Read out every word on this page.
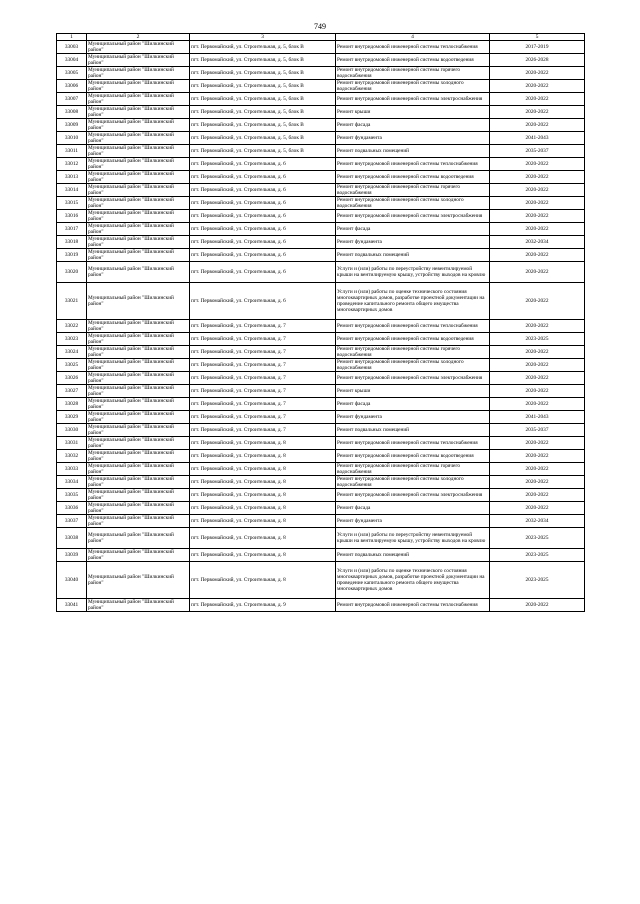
749
1	2	3	4	5
33003	Муниципальный район "Шилкинский район"	пгт. Первомайский, ул. Строительная, д. 5, блок В	Ремонт внутридомовой инженерной системы теплоснабжения	2017-2019
33004	Муниципальный район "Шилкинский район"	пгт. Первомайский, ул. Строительная, д. 5, блок В	Ремонт внутридомовой инженерной системы водоотведения	2026-2028
33005	Муниципальный район "Шилкинский район"	пгт. Первомайский, ул. Строительная, д. 5, блок В	Ремонт внутридомовой инженерной системы горячего водоснабжения	2020-2022
33006	Муниципальный район "Шилкинский район"	пгт. Первомайский, ул. Строительная, д. 5, блок В	Ремонт внутридомовой инженерной системы холодного водоснабжения	2020-2022
33007	Муниципальный район "Шилкинский район"	пгт. Первомайский, ул. Строительная, д. 5, блок В	Ремонт внутридомовой инженерной системы электроснабжения	2020-2022
33008	Муниципальный район "Шилкинский район"	пгт. Первомайский, ул. Строительная, д. 5, блок В	Ремонт крыши	2020-2022
33009	Муниципальный район "Шилкинский район"	пгт. Первомайский, ул. Строительная, д. 5, блок В	Ремонт фасада	2020-2022
33010	Муниципальный район "Шилкинский район"	пгт. Первомайский, ул. Строительная, д. 5, блок В	Ремонт фундамента	2041-2043
33011	Муниципальный район "Шилкинский район"	пгт. Первомайский, ул. Строительная, д. 5, блок В	Ремонт подвальных помещений	2035-2037
33012	Муниципальный район "Шилкинский район"	пгт. Первомайский, ул. Строительная, д. 6	Ремонт внутридомовой инженерной системы теплоснабжения	2020-2022
33013	Муниципальный район "Шилкинский район"	пгт. Первомайский, ул. Строительная, д. 6	Ремонт внутридомовой инженерной системы водоотведения	2020-2022
33014	Муниципальный район "Шилкинский район"	пгт. Первомайский, ул. Строительная, д. 6	Ремонт внутридомовой инженерной системы горячего водоснабжения	2020-2022
33015	Муниципальный район "Шилкинский район"	пгт. Первомайский, ул. Строительная, д. 6	Ремонт внутридомовой инженерной системы холодного водоснабжения	2020-2022
33016	Муниципальный район "Шилкинский район"	пгт. Первомайский, ул. Строительная, д. 6	Ремонт внутридомовой инженерной системы электроснабжения	2020-2022
33017	Муниципальный район "Шилкинский район"	пгт. Первомайский, ул. Строительная, д. 6	Ремонт фасада	2020-2022
33018	Муниципальный район "Шилкинский район"	пгт. Первомайский, ул. Строительная, д. 6	Ремонт фундамента	2032-2034
33019	Муниципальный район "Шилкинский район"	пгт. Первомайский, ул. Строительная, д. 6	Ремонт подвальных помещений	2020-2022
33020	Муниципальный район "Шилкинский район"	пгт. Первомайский, ул. Строительная, д. 6	Услуги и (или) работы по переустройству невентилируемой крыши на вентилируемую крышу, устройству выходов на кровлю	2020-2022
33021	Муниципальный район "Шилкинский район"	пгт. Первомайский, ул. Строительная, д. 6	Услуги и (или) работы по оценке технического состояния многоквартирных домов, разработке проектной документации на проведение капитального ремонта общего имущества многоквартирных домов	2020-2022
33022	Муниципальный район "Шилкинский район"	пгт. Первомайский, ул. Строительная, д. 7	Ремонт внутридомовой инженерной системы теплоснабжения	2020-2022
33023	Муниципальный район "Шилкинский район"	пгт. Первомайский, ул. Строительная, д. 7	Ремонт внутридомовой инженерной системы водоотведения	2023-2025
33024	Муниципальный район "Шилкинский район"	пгт. Первомайский, ул. Строительная, д. 7	Ремонт внутридомовой инженерной системы горячего водоснабжения	2020-2022
33025	Муниципальный район "Шилкинский район"	пгт. Первомайский, ул. Строительная, д. 7	Ремонт внутридомовой инженерной системы холодного водоснабжения	2020-2022
33026	Муниципальный район "Шилкинский район"	пгт. Первомайский, ул. Строительная, д. 7	Ремонт внутридомовой инженерной системы электроснабжения	2020-2022
33027	Муниципальный район "Шилкинский район"	пгт. Первомайский, ул. Строительная, д. 7	Ремонт крыши	2020-2022
33028	Муниципальный район "Шилкинский район"	пгт. Первомайский, ул. Строительная, д. 7	Ремонт фасада	2020-2022
33029	Муниципальный район "Шилкинский район"	пгт. Первомайский, ул. Строительная, д. 7	Ремонт фундамента	2041-2043
33030	Муниципальный район "Шилкинский район"	пгт. Первомайский, ул. Строительная, д. 7	Ремонт подвальных помещений	2035-2037
33031	Муниципальный район "Шилкинский район"	пгт. Первомайский, ул. Строительная, д. 8	Ремонт внутридомовой инженерной системы теплоснабжения	2020-2022
33032	Муниципальный район "Шилкинский район"	пгт. Первомайский, ул. Строительная, д. 8	Ремонт внутридомовой инженерной системы водоотведения	2020-2022
33033	Муниципальный район "Шилкинский район"	пгт. Первомайский, ул. Строительная, д. 8	Ремонт внутридомовой инженерной системы горячего водоснабжения	2020-2022
33034	Муниципальный район "Шилкинский район"	пгт. Первомайский, ул. Строительная, д. 8	Ремонт внутридомовой инженерной системы холодного водоснабжения	2020-2022
33035	Муниципальный район "Шилкинский район"	пгт. Первомайский, ул. Строительная, д. 8	Ремонт внутридомовой инженерной системы электроснабжения	2020-2022
33036	Муниципальный район "Шилкинский район"	пгт. Первомайский, ул. Строительная, д. 8	Ремонт фасада	2020-2022
33037	Муниципальный район "Шилкинский район"	пгт. Первомайский, ул. Строительная, д. 8	Ремонт фундамента	2032-2034
33038	Муниципальный район "Шилкинский район"	пгт. Первомайский, ул. Строительная, д. 8	Услуги и (или) работы по переустройству невентилируемой крыши на вентилируемую крышу, устройству выходов на кровлю	2023-2025
33039	Муниципальный район "Шилкинский район"	пгт. Первомайский, ул. Строительная, д. 8	Ремонт подвальных помещений	2023-2025
33040	Муниципальный район "Шилкинский район"	пгт. Первомайский, ул. Строительная, д. 8	Услуги и (или) работы по оценке технического состояния многоквартирных домов, разработке проектной документации на проведение капитального ремонта общего имущества многоквартирных домов	2023-2025
33041	Муниципальный район "Шилкинский район"	пгт. Первомайский, ул. Строительная, д. 9	Ремонт внутридомовой инженерной системы теплоснабжения	2020-2022
